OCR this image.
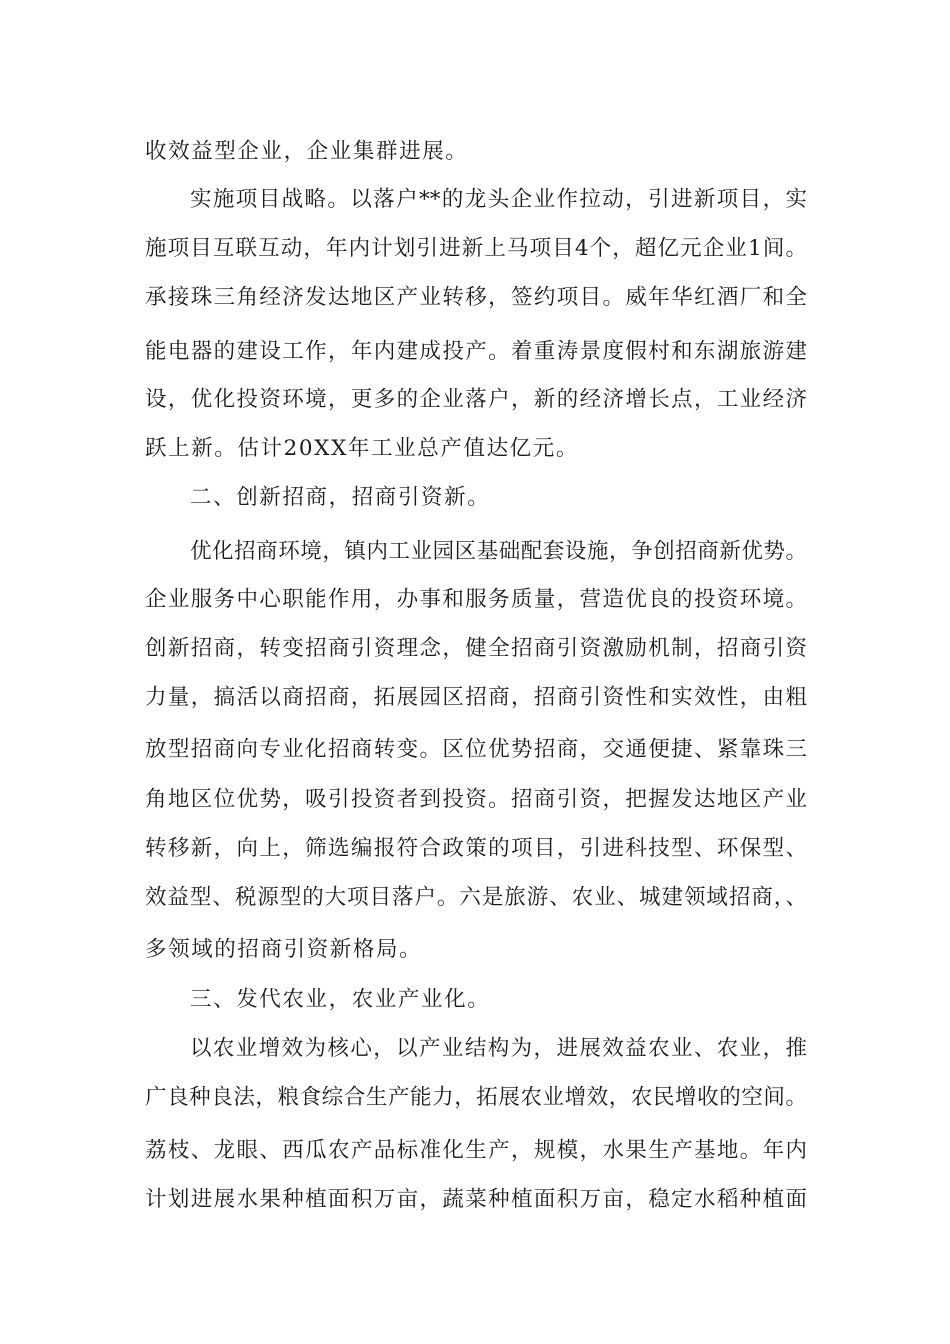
收效益型企业，企业集群进展。

实施项目战略。以落户**的龙头企业作拉动，引进新项目，实

施项目互联互动，年内计划引进新上马项目4个，超亿元企业1间。

承接珠三角经济发达地区产业转移，签约项目。威年华红酒厂和全

能电器的建设工作，年内建成投产。着重涛景度假村和东湖旅游建

设，优化投资环境，更多的企业落户，新的经济增长点，工业经济

跃上新。估计20XX年工业总产值达亿元。

二、创新招商，招商引资新。

优化招商环境，镇内工业园区基础配套设施，争创招商新优势。

企业服务中心职能作用，办事和服务质量，营造优良的投资环境。

创新招商，转变招商引资理念，健全招商引资激励机制，招商引资

力量，搞活以商招商，拓展园区招商，招商引资性和实效性，由粗

放型招商向专业化招商转变。区位优势招商，交通便捷、紧靠珠三

角地区位优势，吸引投资者到投资。招商引资，把握发达地区产业

转移新，向上，筛选编报符合政策的项目，引进科技型、环保型、

效益型、税源型的大项目落户。六是旅游、农业、城建领域招商，、

多领域的招商引资新格局。

三、发代农业，农业产业化。

以农业增效为核心，以产业结构为，进展效益农业、农业，推

广良种良法，粮食综合生产能力，拓展农业增效，农民增收的空间。

荔枝、龙眼、西瓜农产品标准化生产，规模，水果生产基地。年内

计划进展水果种植面积万亩，蔬菜种植面积万亩，稳定水稻种植面
